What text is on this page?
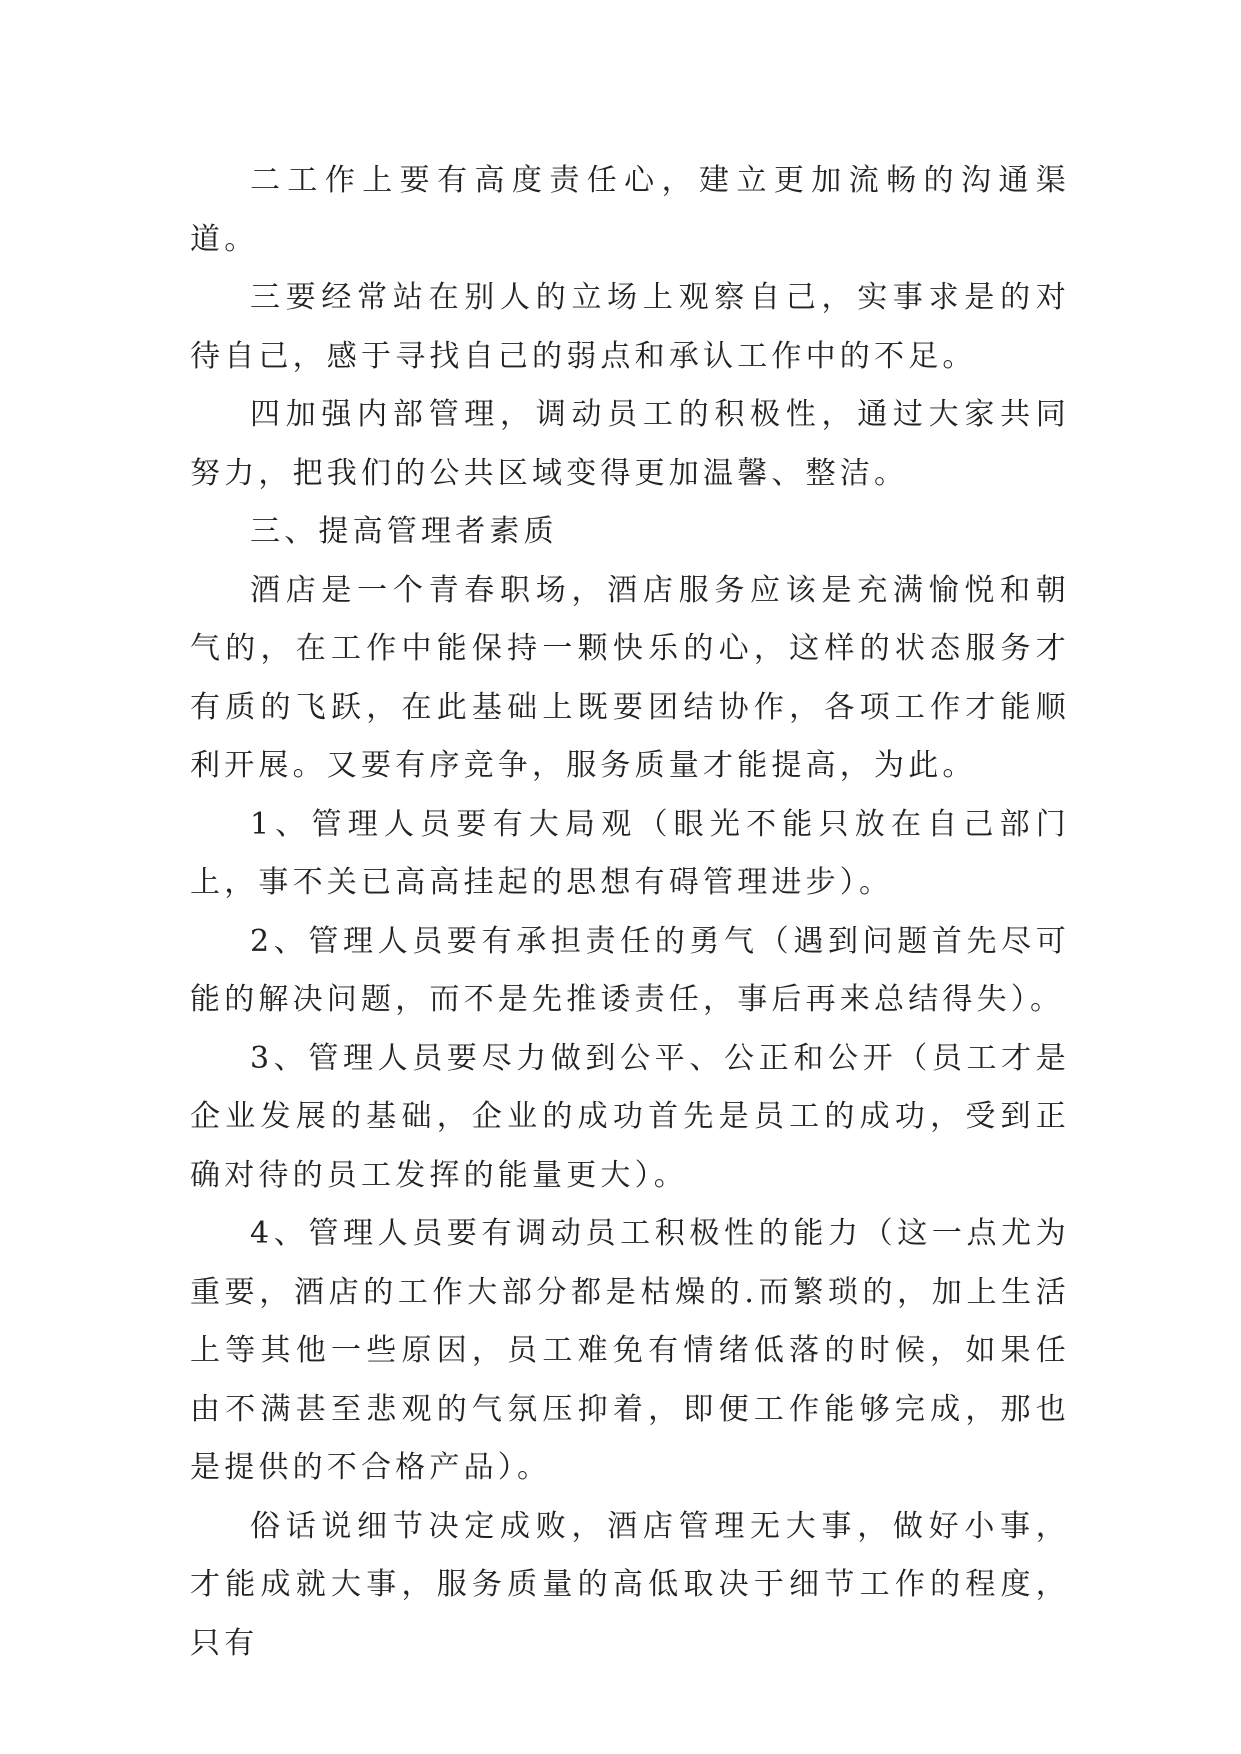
二工作上要有高度责任心，建立更加流畅的沟通渠道。

三要经常站在别人的立场上观察自己，实事求是的对待自己，感于寻找自己的弱点和承认工作中的不足。

四加强内部管理，调动员工的积极性，通过大家共同努力，把我们的公共区域变得更加温馨、整洁。

三、提高管理者素质

酒店是一个青春职场，酒店服务应该是充满愉悦和朝气的，在工作中能保持一颗快乐的心，这样的状态服务才有质的飞跃，在此基础上既要团结协作，各项工作才能顺利开展。又要有序竞争，服务质量才能提高，为此。

1、管理人员要有大局观（眼光不能只放在自己部门上，事不关已高高挂起的思想有碍管理进步）。

2、管理人员要有承担责任的勇气（遇到问题首先尽可能的解决问题，而不是先推诿责任，事后再来总结得失）。

3、管理人员要尽力做到公平、公正和公开（员工才是企业发展的基础，企业的成功首先是员工的成功，受到正确对待的员工发挥的能量更大）。

4、管理人员要有调动员工积极性的能力（这一点尤为重要，酒店的工作大部分都是枯燥的.而繁琐的，加上生活上等其他一些原因，员工难免有情绪低落的时候，如果任由不满甚至悲观的气氛压抑着，即便工作能够完成，那也是提供的不合格产品）。

俗话说细节决定成败，酒店管理无大事，做好小事，才能成就大事，服务质量的高低取决于细节工作的程度，只有
